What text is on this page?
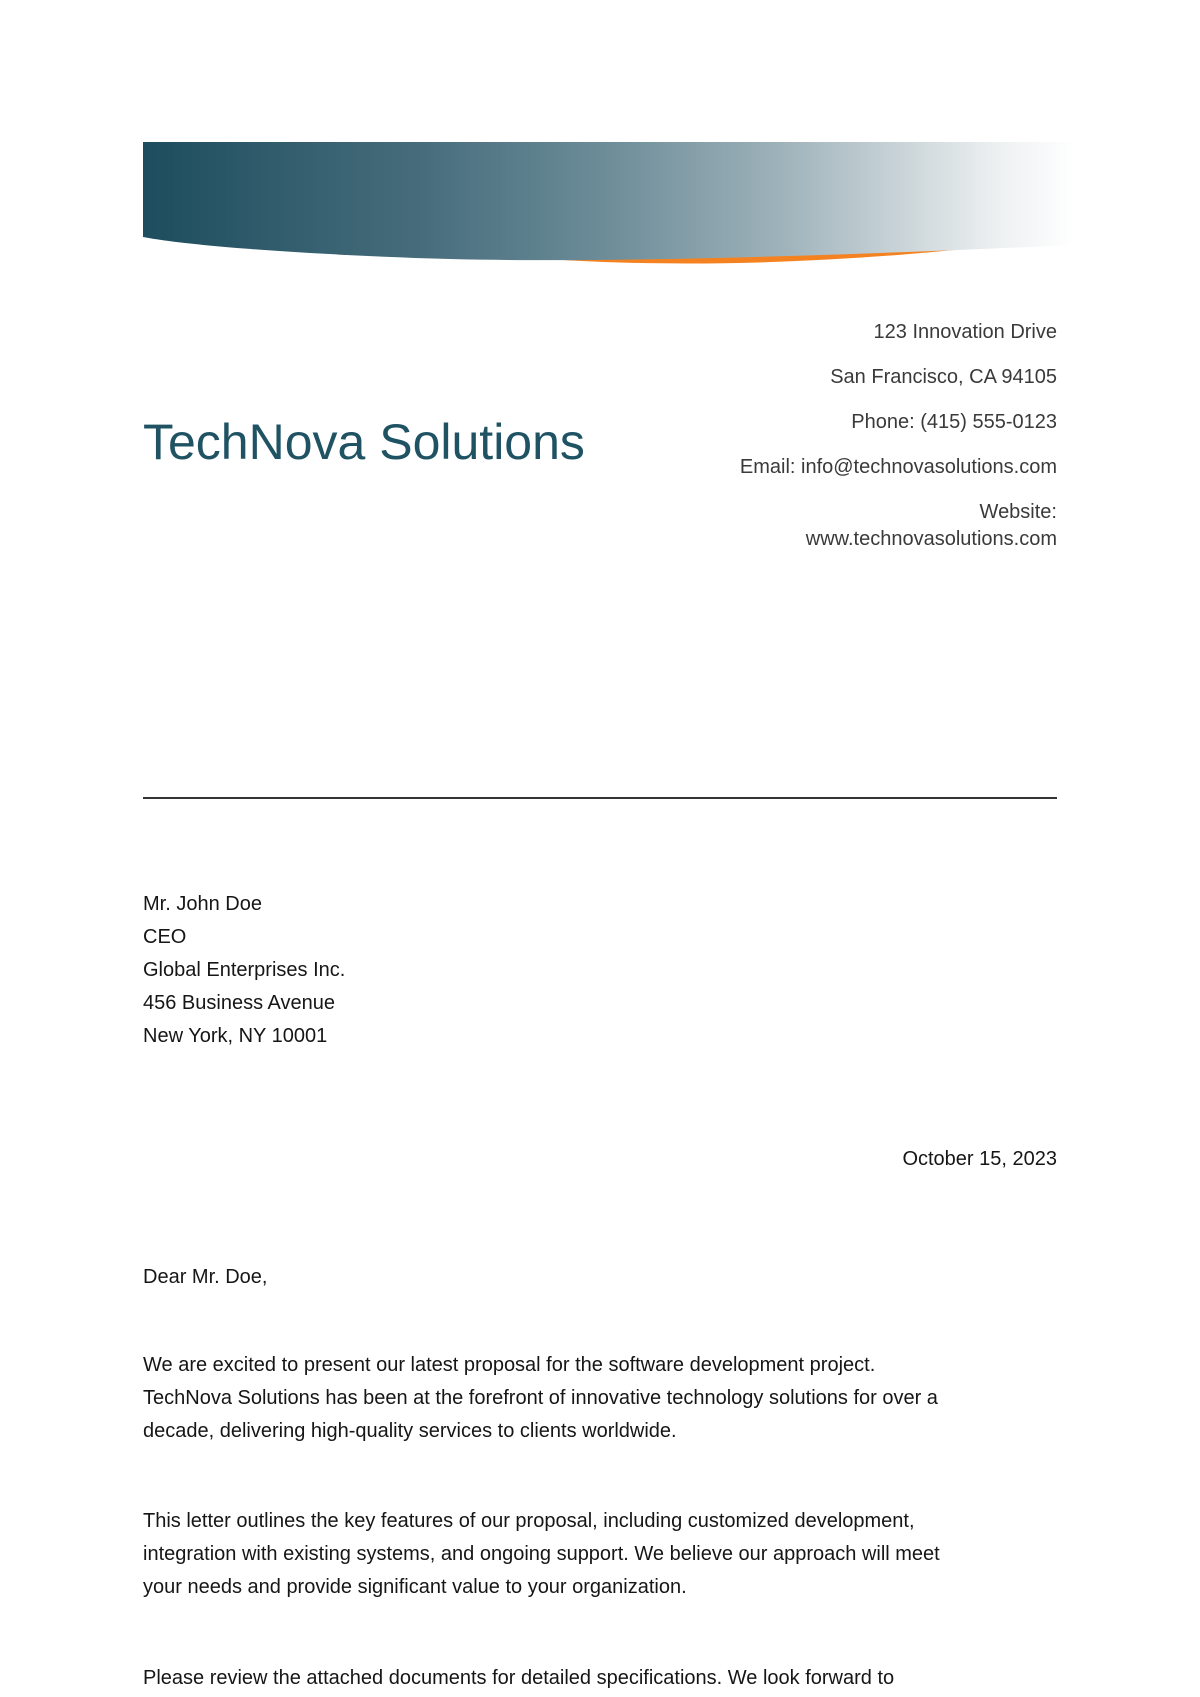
TechNova Solutions
123 Innovation Drive
San Francisco, CA 94105
Phone: (415) 555-0123
Email: info@technovasolutions.com
Website:
www.technovasolutions.com
Mr. John Doe
CEO
Global Enterprises Inc.
456 Business Avenue
New York, NY 10001
October 15, 2023
Dear Mr. Doe,
We are excited to present our latest proposal for the software development project.
TechNova Solutions has been at the forefront of innovative technology solutions for over a
decade, delivering high-quality services to clients worldwide.
This letter outlines the key features of our proposal, including customized development,
integration with existing systems, and ongoing support. We believe our approach will meet
your needs and provide significant value to your organization.
Please review the attached documents for detailed specifications. We look forward to
